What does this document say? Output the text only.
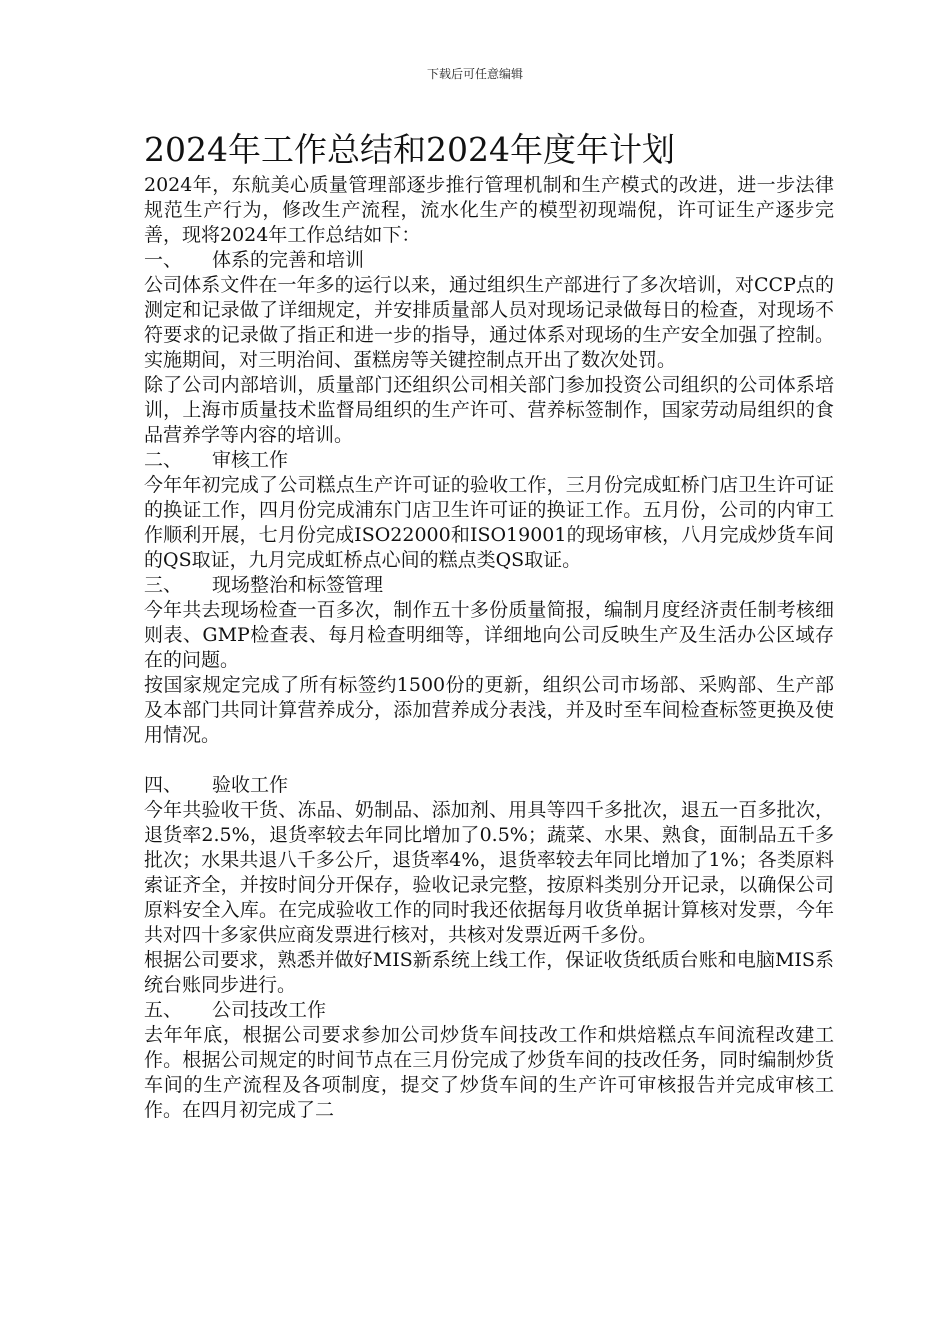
下载后可任意编辑
2024年工作总结和2024年度年计划

2024年，东航美心质量管理部逐步推行管理机制和生产模式的改进，进一步法律规范生产行为，修改生产流程，流水化生产的模型初现端倪，许可证生产逐步完善，现将2024年工作总结如下：

一、 体系的完善和培训

公司体系文件在一年多的运行以来，通过组织生产部进行了多次培训，对CCP点的测定和记录做了详细规定，并安排质量部人员对现场记录做每日的检查，对现场不符要求的记录做了指正和进一步的指导，通过体系对现场的生产安全加强了控制。实施期间，对三明治间、蛋糕房等关键控制点开出了数次处罚。

除了公司内部培训，质量部门还组织公司相关部门参加投资公司组织的公司体系培训，上海市质量技术监督局组织的生产许可、营养标签制作，国家劳动局组织的食品营养学等内容的培训。

二、 审核工作

今年年初完成了公司糕点生产许可证的验收工作，三月份完成虹桥门店卫生许可证的换证工作，四月份完成浦东门店卫生许可证的换证工作。五月份，公司的内审工作顺利开展，七月份完成ISO22000和ISO19001的现场审核，八月完成炒货车间的QS取证，九月完成虹桥点心间的糕点类QS取证。

三、 现场整治和标签管理

今年共去现场检查一百多次，制作五十多份质量简报，编制月度经济责任制考核细则表、GMP检查表、每月检查明细等，详细地向公司反映生产及生活办公区域存在的问题。

按国家规定完成了所有标签约1500份的更新，组织公司市场部、采购部、生产部及本部门共同计算营养成分，添加营养成分表浅，并及时至车间检查标签更换及使用情况。

四、 验收工作

今年共验收干货、冻品、奶制品、添加剂、用具等四千多批次，退五一百多批次，退货率2.5%，退货率较去年同比增加了0.5%；蔬菜、水果、熟食，面制品五千多批次；水果共退八千多公斤，退货率4%，退货率较去年同比增加了1%；各类原料索证齐全，并按时间分开保存，验收记录完整，按原料类别分开记录，以确保公司原料安全入库。在完成验收工作的同时我还依据每月收货单据计算核对发票，今年共对四十多家供应商发票进行核对，共核对发票近两千多份。

根据公司要求，熟悉并做好MIS新系统上线工作，保证收货纸质台账和电脑MIS系统台账同步进行。

五、 公司技改工作

去年年底，根据公司要求参加公司炒货车间技改工作和烘焙糕点车间流程改建工作。根据公司规定的时间节点在三月份完成了炒货车间的技改任务，同时编制炒货车间的生产流程及各项制度，提交了炒货车间的生产许可审核报告并完成审核工作。在四月初完成了二
